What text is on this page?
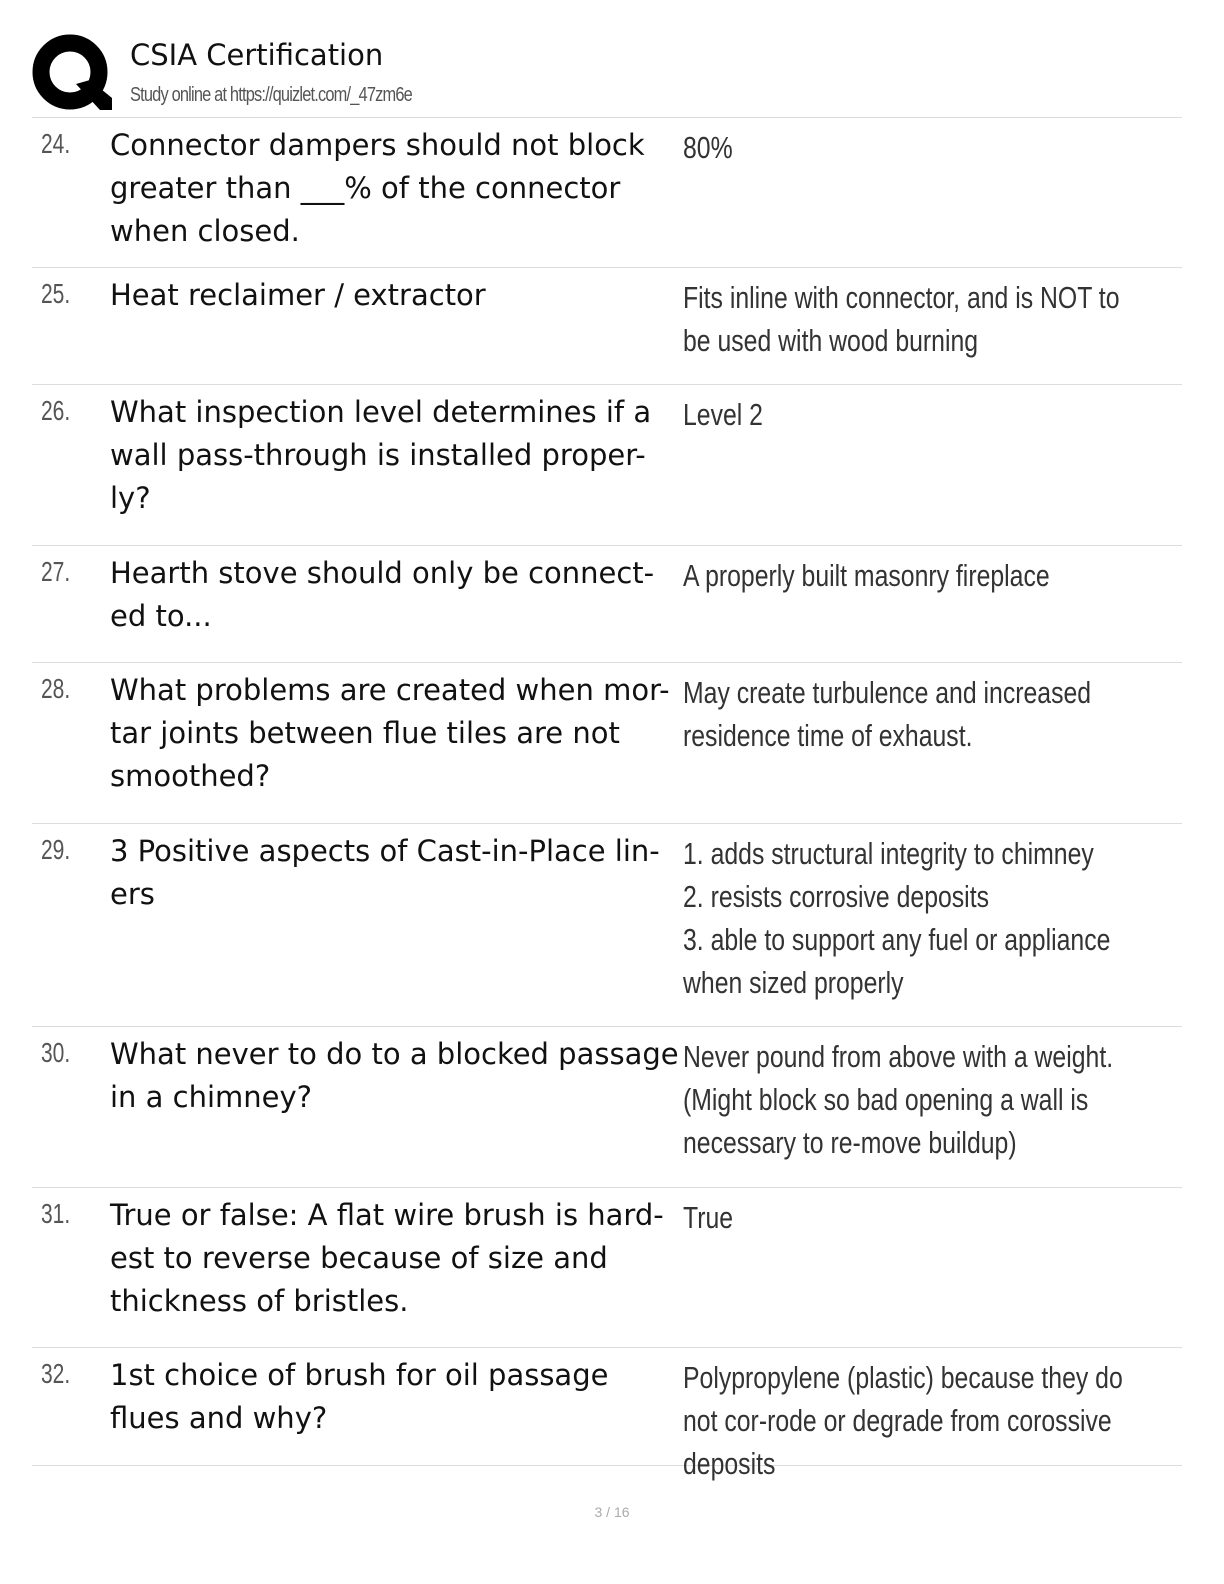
CSIA Certification
Study online at https://quizlet.com/_47zm6e
24. Connector dampers should not block greater than ___% of the connector when closed.
80%
25. Heat reclaimer / extractor	Fits inline with connector, and is NOT to be used with wood burning
26. What inspection level determines if a wall pass-through is installed proper-ly?
Level 2
27. Hearth stove should only be connect-ed to...
A properly built masonry fireplace
28. What problems are created when mor-tar joints between flue tiles are not smoothed?
May create turbulence and increased residence time of exhaust.
29. 3 Positive aspects of Cast-in-Place lin-ers
1. adds structural integrity to chimney
2. resists corrosive deposits
3. able to support any fuel or appliance when sized properly
30. What never to do to a blocked passage in a chimney?
Never pound from above with a weight. (Might block so bad opening a wall is necessary to re-move buildup)
31. True or false: A flat wire brush is hard-est to reverse because of size and thickness of bristles.
True
32. 1st choice of brush for oil passage flues and why?
Polypropylene (plastic) because they do not cor-rode or degrade from corossive deposits
3 / 16
